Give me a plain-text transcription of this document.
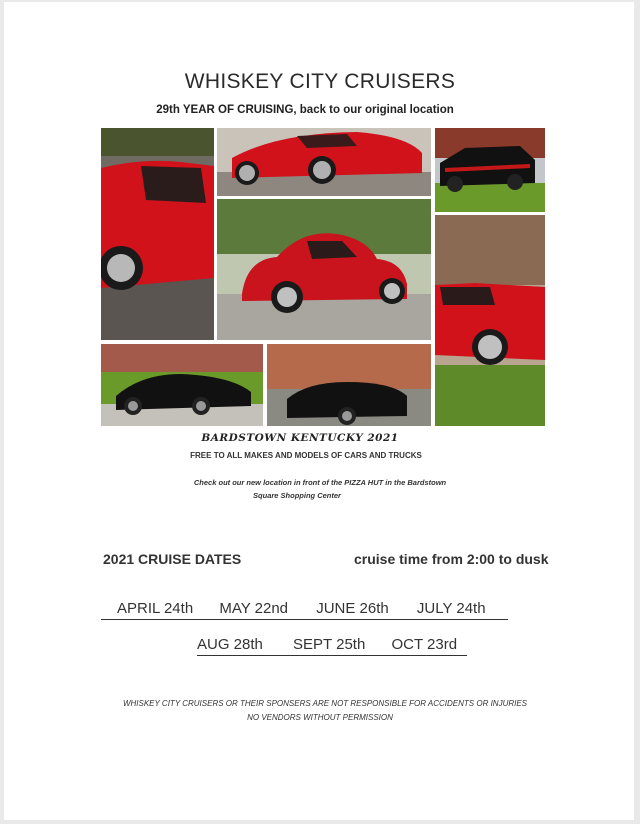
WHISKEY CITY CRUISERS
29th YEAR OF CRUISING, back to our original location
BARDSTOWN KENTUCKY 2021
FREE TO ALL MAKES AND MODELS OF CARS AND TRUCKS
Check out our new location in front of the PIZZA HUT in the Bardstown
Square Shopping Center
2021 CRUISE DATES	cruise time from 2:00 to dusk
APRIL 24th MAY 22nd JUNE 26th JULY 24th
AUG 28th SEPT 25th OCT 23rd
WHISKEY CITY CRUISERS OR THEIR SPONSERS ARE NOT RESPONSIBLE FOR ACCIDENTS OR INJURIES
NO VENDORS WITHOUT PERMISSION
